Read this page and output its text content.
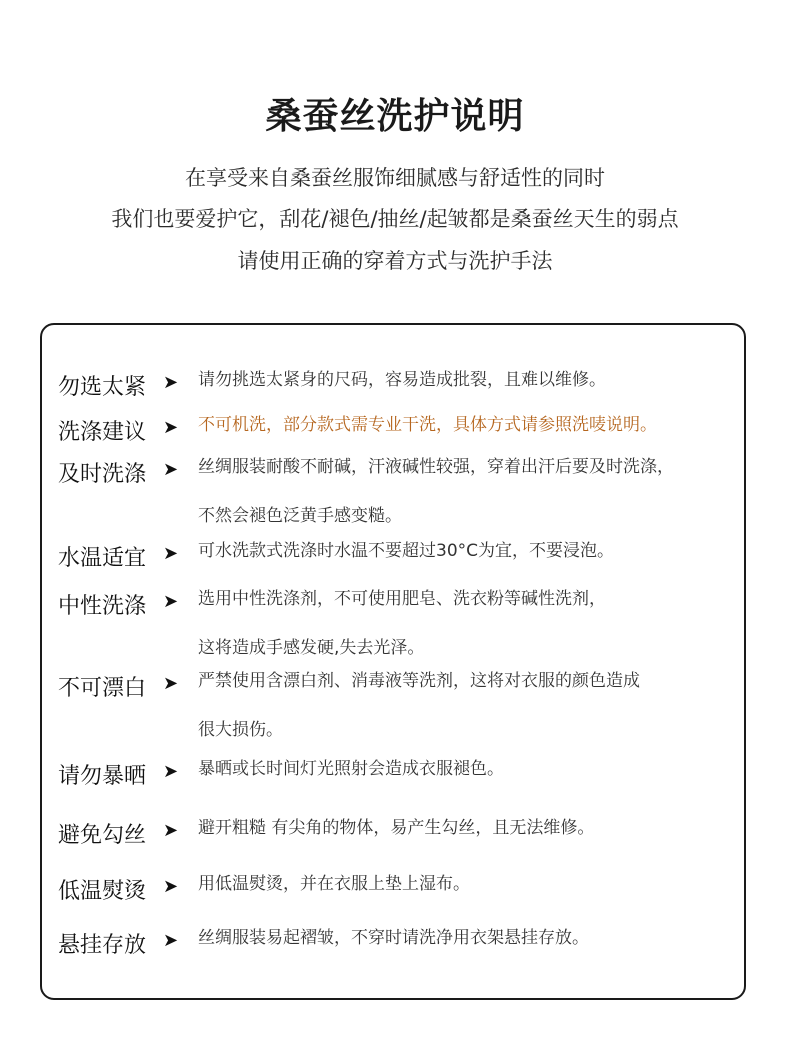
桑蚕丝洗护说明
在享受来自桑蚕丝服饰细腻感与舒适性的同时
我们也要爱护它，刮花/褪色/抽丝/起皱都是桑蚕丝天生的弱点
请使用正确的穿着方式与洗护手法
勿选太紧 ➤ 请勿挑选太紧身的尺码，容易造成批裂，且难以维修。
洗涤建议 ➤ 不可机洗，部分款式需专业干洗，具体方式请参照洗唛说明。
及时洗涤 ➤ 丝绸服装耐酸不耐碱，汗液碱性较强，穿着出汗后要及时洗涤，
不然会褪色泛黄手感变糙。
水温适宜 ➤ 可水洗款式洗涤时水温不要超过30°C为宜，不要浸泡。
中性洗涤 ➤ 选用中性洗涤剂，不可使用肥皂、洗衣粉等碱性洗剂，
这将造成手感发硬,失去光泽。
不可漂白 ➤ 严禁使用含漂白剂、消毒液等洗剂，这将对衣服的颜色造成
很大损伤。
请勿暴晒 ➤ 暴晒或长时间灯光照射会造成衣服褪色。
避免勾丝 ➤ 避开粗糙 有尖角的物体，易产生勾丝，且无法维修。
低温熨烫 ➤ 用低温熨烫，并在衣服上垫上湿布。
悬挂存放 ➤ 丝绸服装易起褶皱，不穿时请洗净用衣架悬挂存放。
